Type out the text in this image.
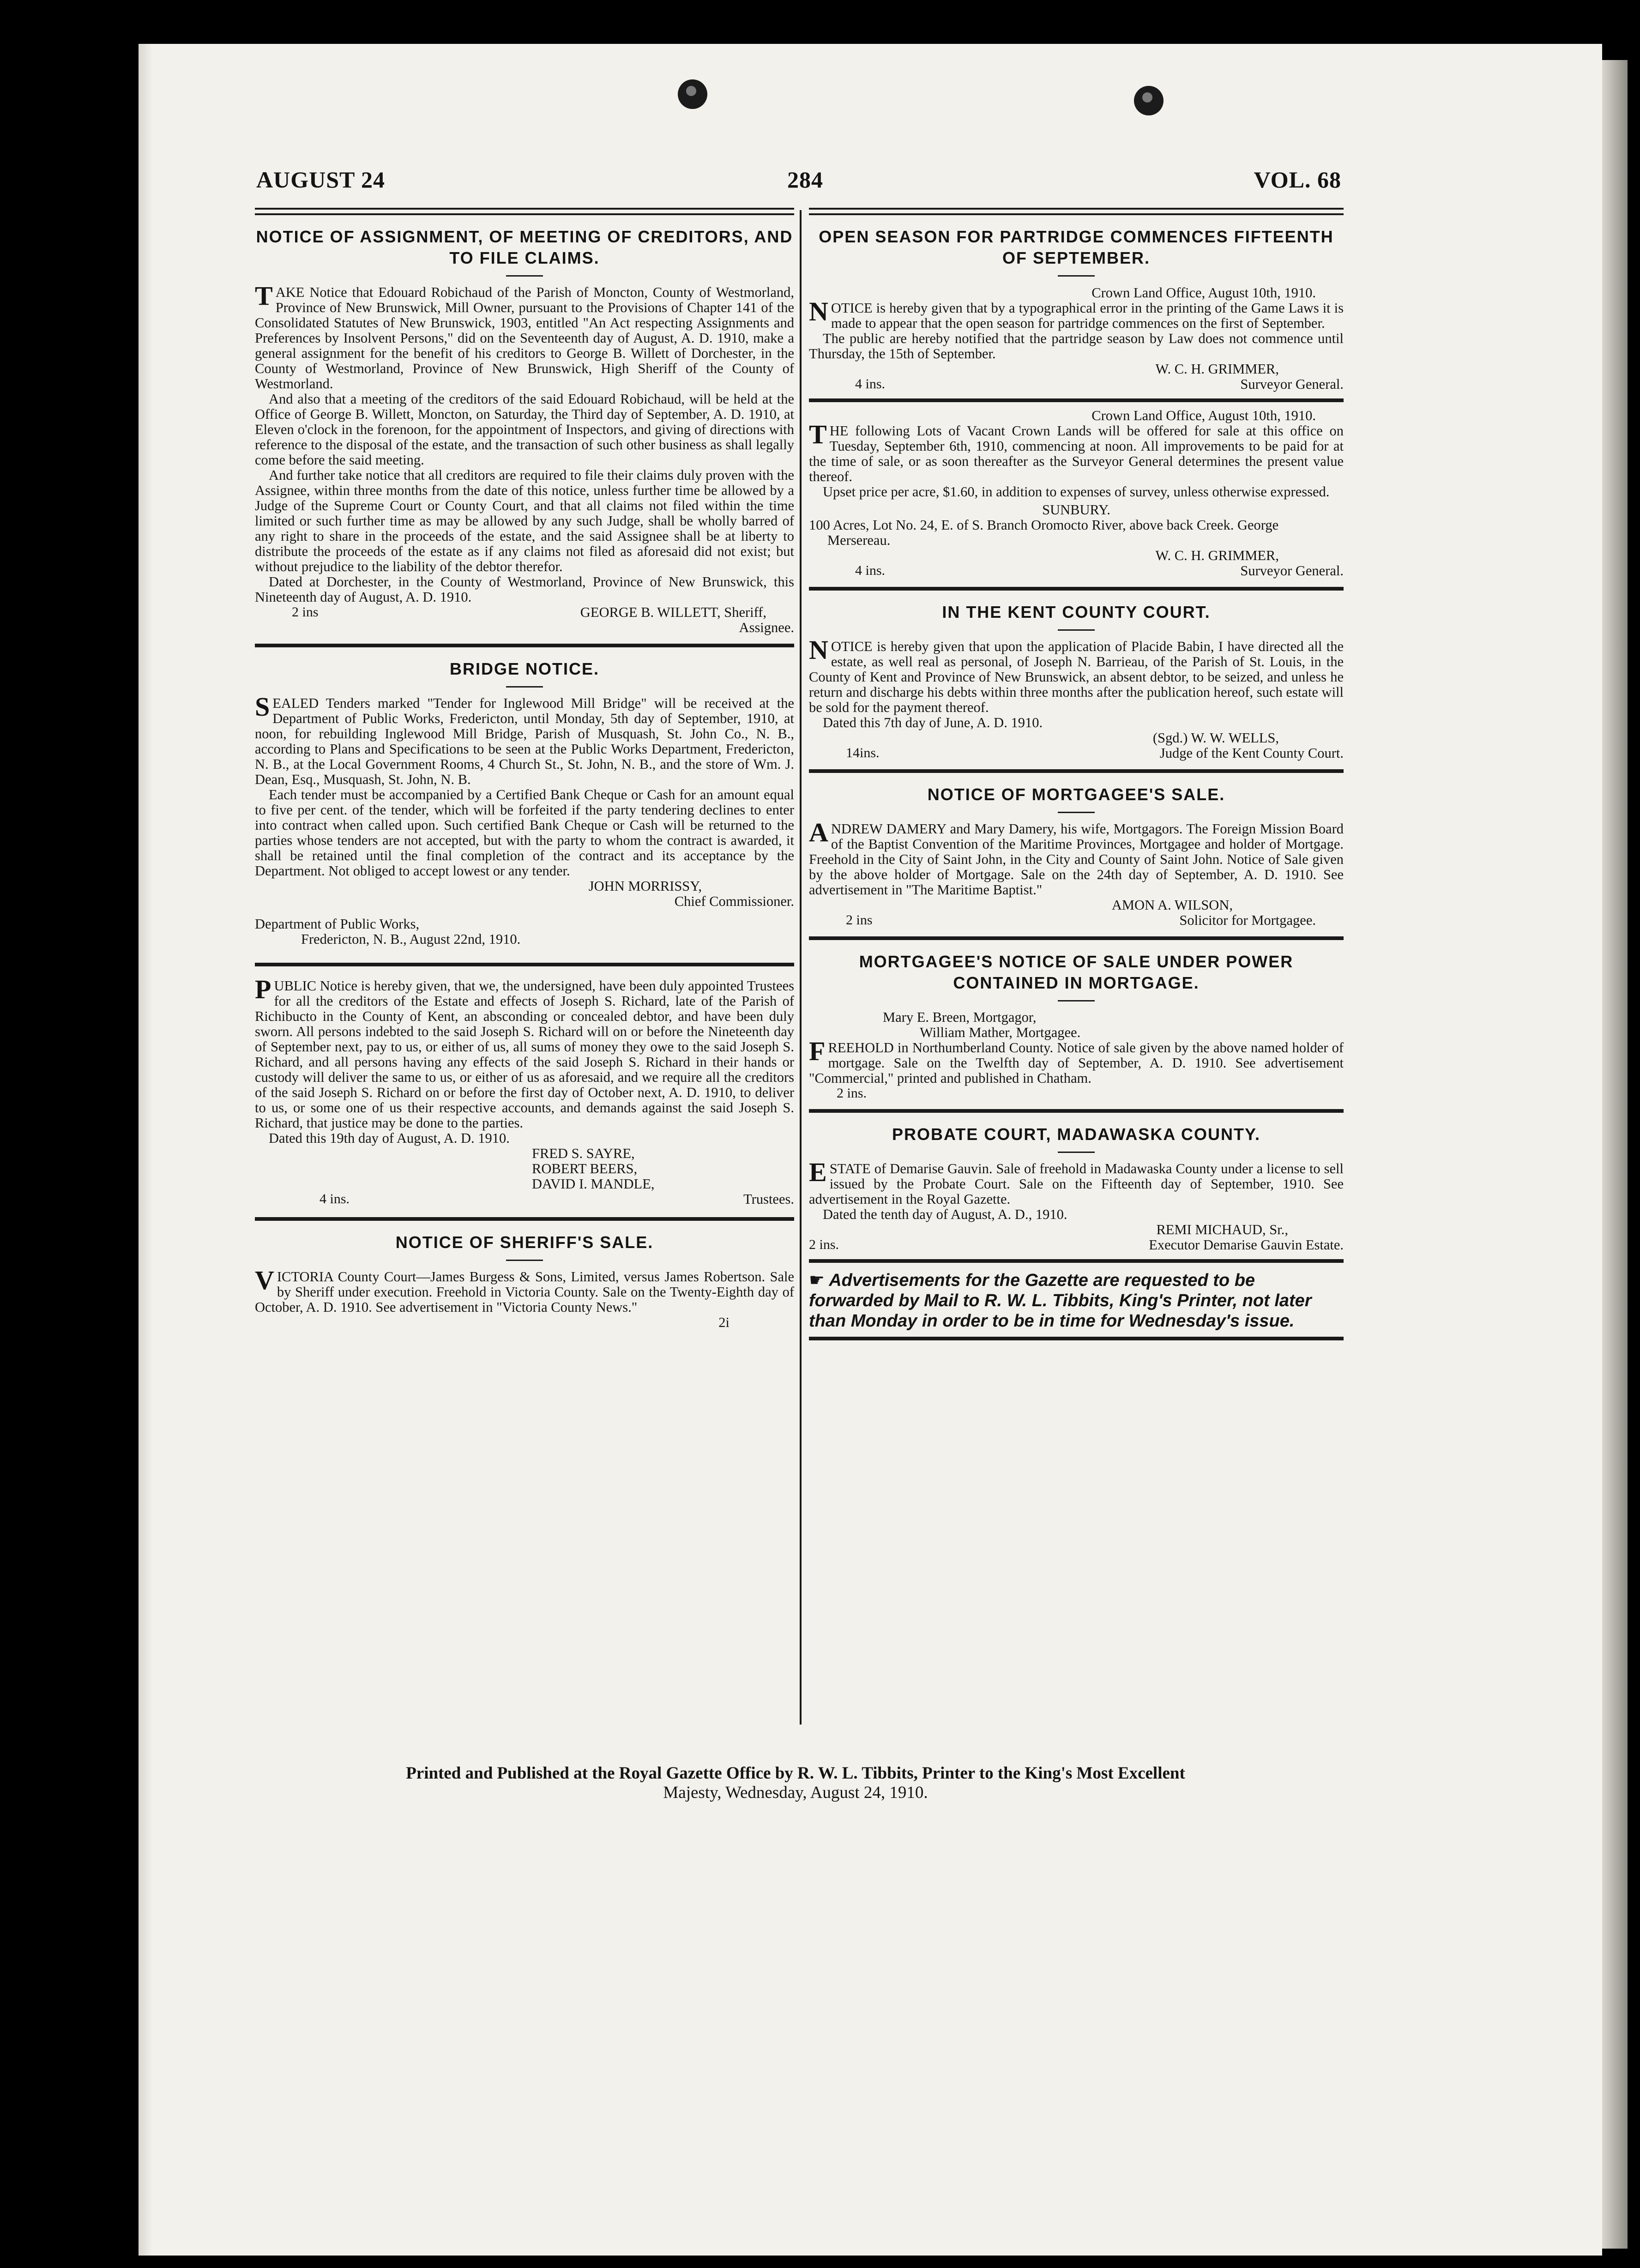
AUGUST 24	284	VOL. 68
NOTICE OF ASSIGNMENT, OF MEETING OF CREDITORS, AND TO FILE CLAIMS.

TAKE Notice that Edouard Robichaud of the Parish of Moncton, County of Westmorland, Province of New Brunswick, Mill Owner, pursuant to the Provisions of Chapter 141 of the Consolidated Statutes of New Brunswick, 1903, entitled "An Act respecting Assignments and Preferences by Insolvent Persons," did on the Seventeenth day of August, A. D. 1910, make a general assignment for the benefit of his creditors to George B. Willett of Dorchester, in the County of Westmorland, Province of New Brunswick, High Sheriff of the County of Westmorland.

And also that a meeting of the creditors of the said Edouard Robichaud, will be held at the Office of George B. Willett, Moncton, on Saturday, the Third day of September, A. D. 1910, at Eleven o'clock in the forenoon, for the appointment of Inspectors, and giving of directions with reference to the disposal of the estate, and the transaction of such other business as shall legally come before the said meeting.

And further take notice that all creditors are required to file their claims duly proven with the Assignee, within three months from the date of this notice, unless further time be allowed by a Judge of the Supreme Court or County Court, and that all claims not filed within the time limited or such further time as may be allowed by any such Judge, shall be wholly barred of any right to share in the proceeds of the estate, and the said Assignee shall be at liberty to distribute the proceeds of the estate as if any claims not filed as aforesaid did not exist; but without prejudice to the liability of the debtor therefor.

Dated at Dorchester, in the County of Westmorland, Province of New Brunswick, this Nineteenth day of August, A. D. 1910.

2 ins	GEORGE B. WILLETT, Sheriff,
Assignee.
BRIDGE NOTICE.

SEALED Tenders marked "Tender for Inglewood Mill Bridge" will be received at the Department of Public Works, Fredericton, until Monday, 5th day of September, 1910, at noon, for rebuilding Inglewood Mill Bridge, Parish of Musquash, St. John Co., N. B., according to Plans and Specifications to be seen at the Public Works Department, Fredericton, N. B., at the Local Government Rooms, 4 Church St., St. John, N. B., and the store of Wm. J. Dean, Esq., Musquash, St. John, N. B.

Each tender must be accompanied by a Certified Bank Cheque or Cash for an amount equal to five per cent. of the tender, which will be forfeited if the party tendering declines to enter into contract when called upon. Such certified Bank Cheque or Cash will be returned to the parties whose tenders are not accepted, but with the party to whom the contract is awarded, it shall be retained until the final completion of the contract and its acceptance by the Department. Not obliged to accept lowest or any tender.

JOHN MORRISSY,
Chief Commissioner.
Department of Public Works,
Fredericton, N. B., August 22nd, 1910.

PUBLIC Notice is hereby given, that we, the undersigned, have been duly appointed Trustees for all the creditors of the Estate and effects of Joseph S. Richard, late of the Parish of Richibucto in the County of Kent, an absconding or concealed debtor, and have been duly sworn. All persons indebted to the said Joseph S. Richard will on or before the Nineteenth day of September next, pay to us, or either of us, all sums of money they owe to the said Joseph S. Richard, and all persons having any effects of the said Joseph S. Richard in their hands or custody will deliver the same to us, or either of us as aforesaid, and we require all the creditors of the said Joseph S. Richard on or before the first day of October next, A. D. 1910, to deliver to us, or some one of us their respective accounts, and demands against the said Joseph S. Richard, that justice may be done to the parties.

Dated this 19th day of August, A. D. 1910.

FRED S. SAYRE,
ROBERT BEERS,
DAVID I. MANDLE,
4 ins.	Trustees.
NOTICE OF SHERIFF'S SALE.

VICTORIA County Court—James Burgess & Sons, Limited, versus James Robertson. Sale by Sheriff under execution. Freehold in Victoria County. Sale on the Twenty-Eighth day of October, A. D. 1910. See advertisement in "Victoria County News."

2i
OPEN SEASON FOR PARTRIDGE COMMENCES FIFTEENTH OF SEPTEMBER.
Crown Land Office, August 10th, 1910.

NOTICE is hereby given that by a typographical error in the printing of the Game Laws it is made to appear that the open season for partridge commences on the first of September.

The public are hereby notified that the partridge season by Law does not commence until Thursday, the 15th of September.

W. C. H. GRIMMER,
4 ins.	Surveyor General.
Crown Land Office, August 10th, 1910.

THE following Lots of Vacant Crown Lands will be offered for sale at this office on Tuesday, September 6th, 1910, commencing at noon. All improvements to be paid for at the time of sale, or as soon thereafter as the Surveyor General determines the present value thereof.

Upset price per acre, $1.60, in addition to expenses of survey, unless otherwise expressed.

SUNBURY.
100 Acres, Lot No. 24, E. of S. Branch Oromocto River, above back Creek. George Mersereau.
W. C. H. GRIMMER,
4 ins.	Surveyor General.
IN THE KENT COUNTY COURT.

NOTICE is hereby given that upon the application of Placide Babin, I have directed all the estate, as well real as personal, of Joseph N. Barrieau, of the Parish of St. Louis, in the County of Kent and Province of New Brunswick, an absent debtor, to be seized, and unless he return and discharge his debts within three months after the publication hereof, such estate will be sold for the payment thereof.

Dated this 7th day of June, A. D. 1910.

(Sgd.) W. W. WELLS,
14ins.	Judge of the Kent County Court.
NOTICE OF MORTGAGEE'S SALE.

ANDREW DAMERY and Mary Damery, his wife, Mortgagors. The Foreign Mission Board of the Baptist Convention of the Maritime Provinces, Mortgagee and holder of Mortgage. Freehold in the City of Saint John, in the City and County of Saint John. Notice of Sale given by the above holder of Mortgage. Sale on the 24th day of September, A. D. 1910. See advertisement in "The Maritime Baptist."

AMON A. WILSON,
2 ins	Solicitor for Mortgagee.
MORTGAGEE'S NOTICE OF SALE UNDER POWER CONTAINED IN MORTGAGE.
Mary E. Breen, Mortgagor,
William Mather, Mortgagee.

FREEHOLD in Northumberland County. Notice of sale given by the above named holder of mortgage. Sale on the Twelfth day of September, A. D. 1910. See advertisement "Commercial," printed and published in Chatham.

2 ins.
PROBATE COURT, MADAWASKA COUNTY.

ESTATE of Demarise Gauvin. Sale of freehold in Madawaska County under a license to sell issued by the Probate Court. Sale on the Fifteenth day of September, 1910. See advertisement in the Royal Gazette.

Dated the tenth day of August, A. D., 1910.

REMI MICHAUD, Sr.,
2 ins.	Executor Demarise Gauvin Estate.
☛ Advertisements for the Gazette are requested to be forwarded by Mail to R. W. L. Tibbits, King's Printer, not later than Monday in order to be in time for Wednesday's issue.
Printed and Published at the Royal Gazette Office by R. W. L. Tibbits, Printer to the King's Most Excellent
Majesty, Wednesday, August 24, 1910.
